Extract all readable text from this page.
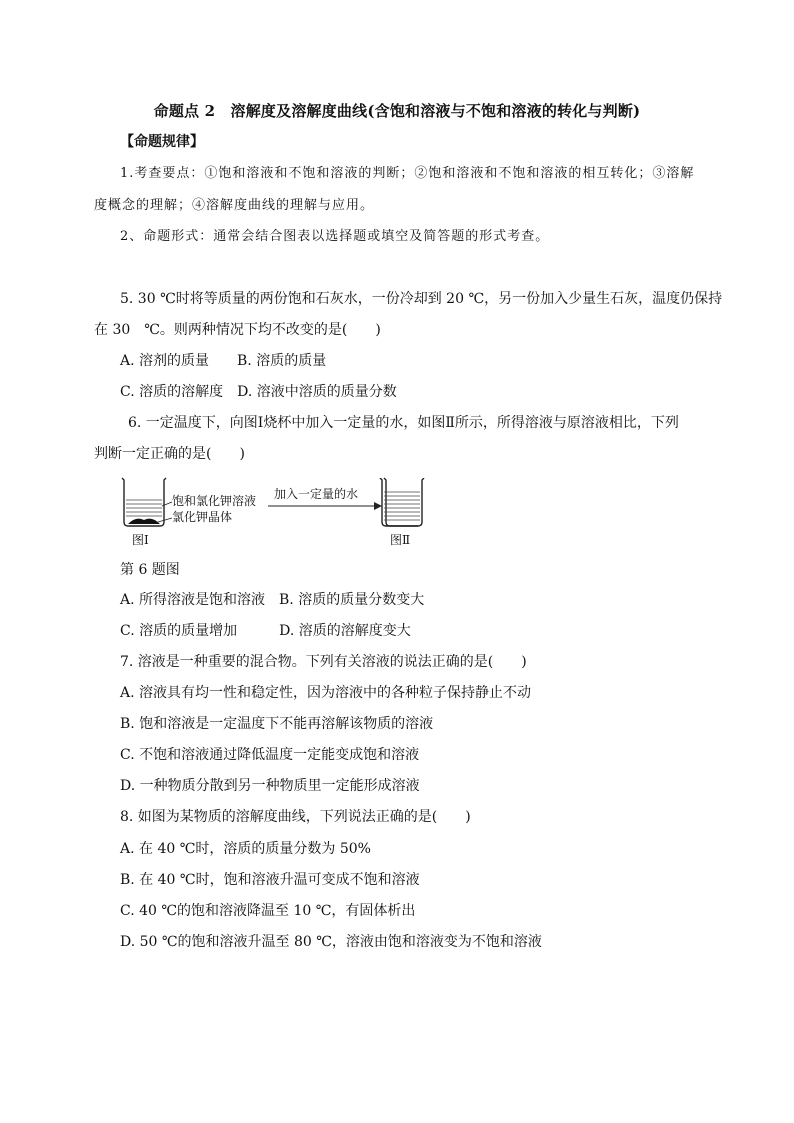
命题点 2　溶解度及溶解度曲线(含饱和溶液与不饱和溶液的转化与判断)
【命题规律】
1.考查要点：①饱和溶液和不饱和溶液的判断；②饱和溶液和不饱和溶液的相互转化；③溶解
度概念的理解；④溶解度曲线的理解与应用。
2、命题形式：通常会结合图表以选择题或填空及简答题的形式考查。
5. 30 ℃时将等质量的两份饱和石灰水，一份冷却到 20 ℃，另一份加入少量生石灰，温度仍保持
在 30　℃。则两种情况下均不改变的是(　　)
A. 溶剂的质量　　B. 溶质的质量
C. 溶质的溶解度　D. 溶液中溶质的质量分数
6. 一定温度下，向图Ⅰ烧杯中加入一定量的水，如图Ⅱ所示，所得溶液与原溶液相比，下列
判断一定正确的是(　　)
饱和氯化钾溶液
氯化钾晶体
加入一定量的水
图Ⅰ	图Ⅱ
第 6 题图
A. 所得溶液是饱和溶液　B. 溶质的质量分数变大
C. 溶质的质量增加　　　D. 溶质的溶解度变大
7. 溶液是一种重要的混合物。下列有关溶液的说法正确的是(　　)
A. 溶液具有均一性和稳定性，因为溶液中的各种粒子保持静止不动
B. 饱和溶液是一定温度下不能再溶解该物质的溶液
C. 不饱和溶液通过降低温度一定能变成饱和溶液
D. 一种物质分散到另一种物质里一定能形成溶液
8. 如图为某物质的溶解度曲线，下列说法正确的是(　　)
A. 在 40 ℃时，溶质的质量分数为 50%
B. 在 40 ℃时，饱和溶液升温可变成不饱和溶液
C. 40 ℃的饱和溶液降温至 10 ℃，有固体析出
D. 50 ℃的饱和溶液升温至 80 ℃，溶液由饱和溶液变为不饱和溶液
